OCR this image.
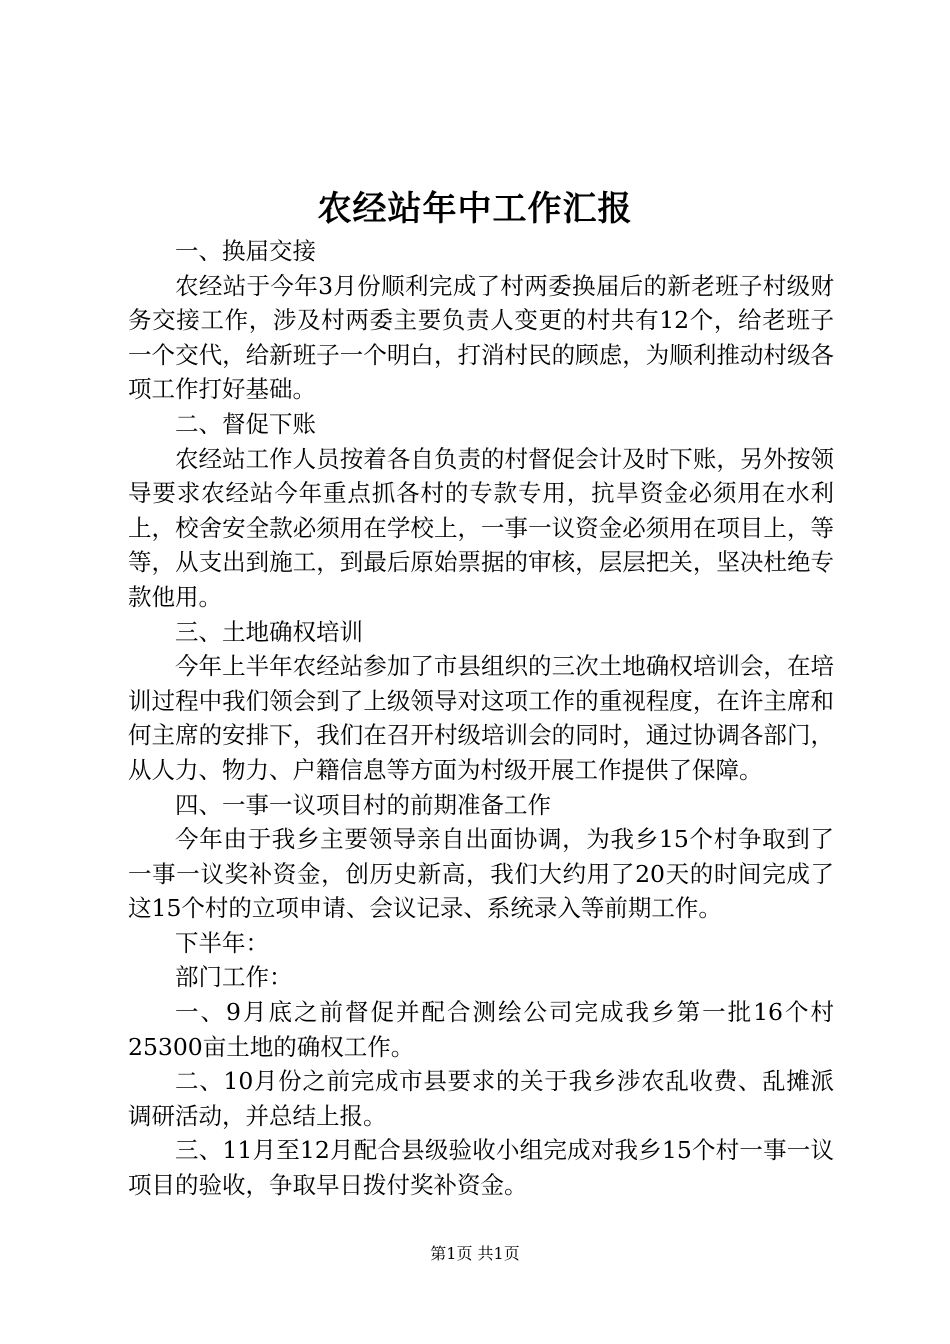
农经站年中工作汇报

一、换届交接

农经站于今年3月份顺利完成了村两委换届后的新老班子村级财务交接工作，涉及村两委主要负责人变更的村共有12个，给老班子一个交代，给新班子一个明白，打消村民的顾虑，为顺利推动村级各项工作打好基础。

二、督促下账

农经站工作人员按着各自负责的村督促会计及时下账，另外按领导要求农经站今年重点抓各村的专款专用，抗旱资金必须用在水利上，校舍安全款必须用在学校上，一事一议资金必须用在项目上，等等，从支出到施工，到最后原始票据的审核，层层把关，坚决杜绝专款他用。

三、土地确权培训

今年上半年农经站参加了市县组织的三次土地确权培训会，在培训过程中我们领会到了上级领导对这项工作的重视程度，在许主席和何主席的安排下，我们在召开村级培训会的同时，通过协调各部门，从人力、物力、户籍信息等方面为村级开展工作提供了保障。

四、一事一议项目村的前期准备工作

今年由于我乡主要领导亲自出面协调，为我乡15个村争取到了一事一议奖补资金，创历史新高，我们大约用了20天的时间完成了这15个村的立项申请、会议记录、系统录入等前期工作。

下半年：

部门工作：

一、9月底之前督促并配合测绘公司完成我乡第一批16个村25300亩土地的确权工作。

二、10月份之前完成市县要求的关于我乡涉农乱收费、乱摊派调研活动，并总结上报。

三、11月至12月配合县级验收小组完成对我乡15个村一事一议项目的验收，争取早日拨付奖补资金。

第1页 共1页
